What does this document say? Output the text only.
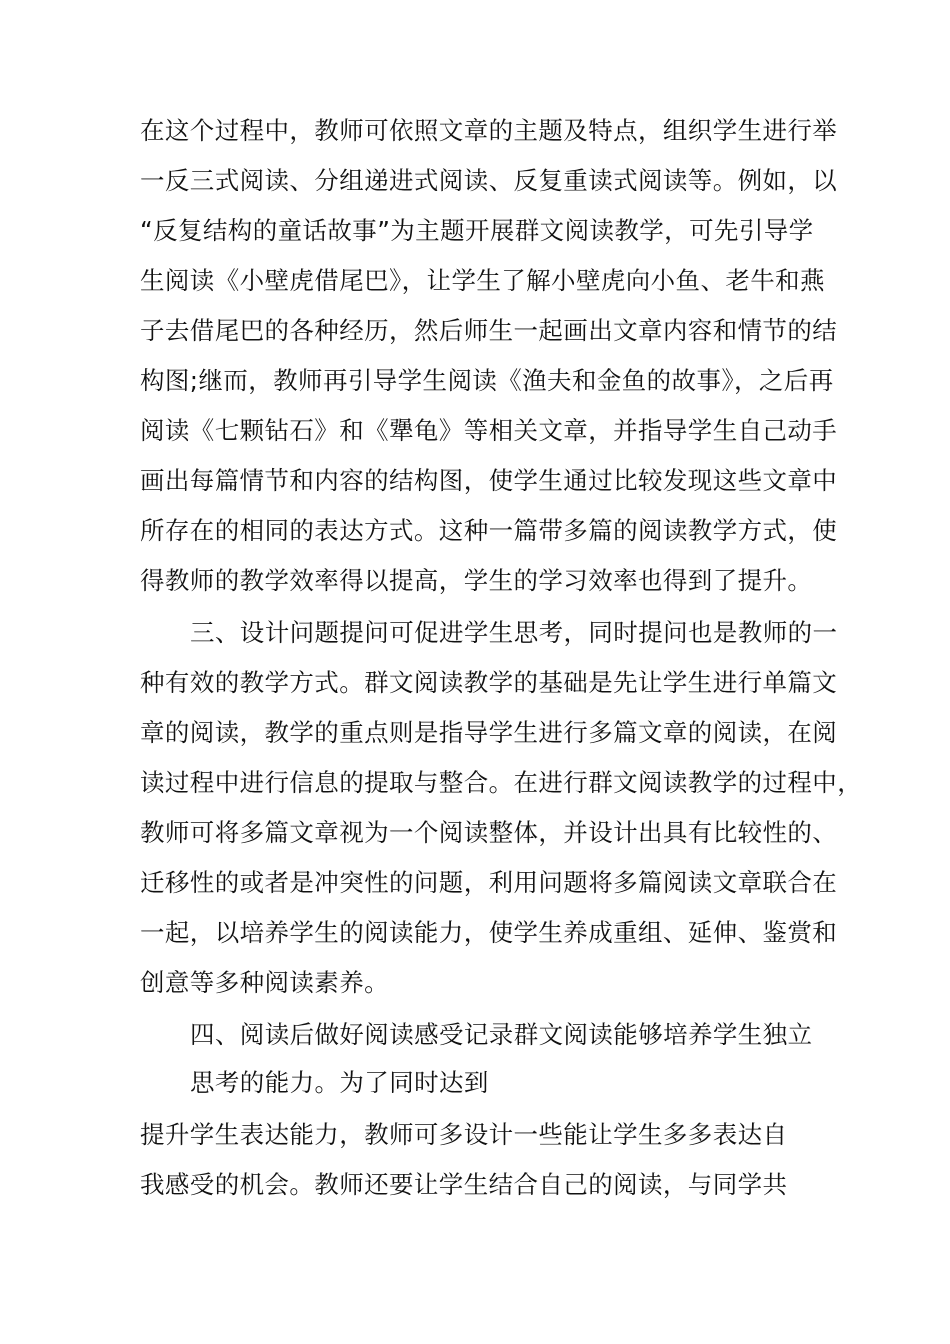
在这个过程中，教师可依照文章的主题及特点，组织学生进行举
一反三式阅读、分组递进式阅读、反复重读式阅读等。例如，以
“反复结构的童话故事”为主题开展群文阅读教学，可先引导学
生阅读《小壁虎借尾巴》，让学生了解小壁虎向小鱼、老牛和燕
子去借尾巴的各种经历，然后师生一起画出文章内容和情节的结
构图;继而，教师再引导学生阅读《渔夫和金鱼的故事》，之后再
阅读《七颗钻石》和《犟龟》等相关文章，并指导学生自己动手
画出每篇情节和内容的结构图，使学生通过比较发现这些文章中
所存在的相同的表达方式。这种一篇带多篇的阅读教学方式，使
得教师的教学效率得以提高，学生的学习效率也得到了提升。
三、设计问题提问可促进学生思考，同时提问也是教师的一
种有效的教学方式。群文阅读教学的基础是先让学生进行单篇文
章的阅读，教学的重点则是指导学生进行多篇文章的阅读，在阅
读过程中进行信息的提取与整合。在进行群文阅读教学的过程中，
教师可将多篇文章视为一个阅读整体，并设计出具有比较性的、
迁移性的或者是冲突性的问题，利用问题将多篇阅读文章联合在
一起，以培养学生的阅读能力，使学生养成重组、延伸、鉴赏和
创意等多种阅读素养。
四、阅读后做好阅读感受记录群文阅读能够培养学生独立
思考的能力。为了同时达到
提升学生表达能力，教师可多设计一些能让学生多多表达自
我感受的机会。教师还要让学生结合自己的阅读，与同学共
